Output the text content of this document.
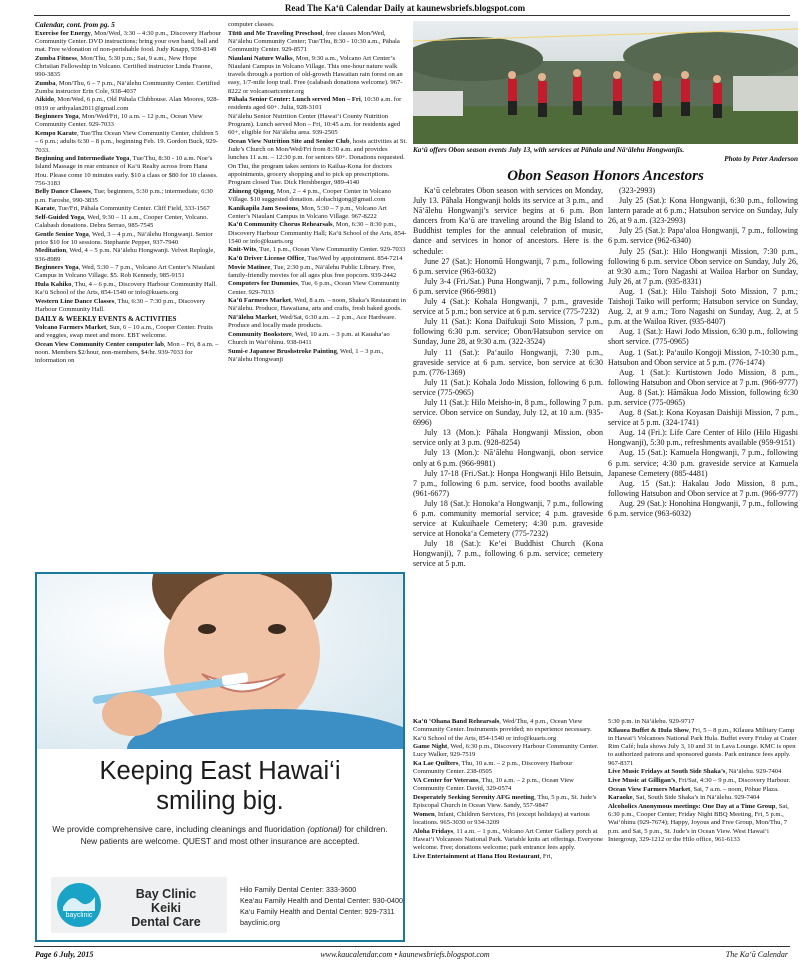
Read The Ka‘ū Calendar Daily at kaunewsbriefs.blogspot.com

Calendar, cont. from pg. 5

Exercise for Energy, Mon/Wed, 3:30 – 4:30 p.m., Discovery Harbour Community Center. DVD instructions; bring your own band, ball and mat. Free w/donation of non-perishable food. Judy Knapp, 939-8149

Zumba Fitness, Mon/Thu, 5:30 p.m.; Sat, 9 a.m., New Hope Christian Fellowship in Volcano. Certified instructor Linda Fraone, 990-3835

Zumba, Mon/Thu, 6 – 7 p.m., Nā‘ālehu Community Center. Certified Zumba instructor Erin Cole, 938-4037

Aikido, Mon/Wed, 6 p.m., Old Pāhala Clubhouse. Alan Moores, 928-0919 or artbyalan2011@gmail.com

Beginners Yoga, Mon/Wed/Fri, 10 a.m. – 12 p.m., Ocean View Community Center. 929-7033

Kempo Karate, Tue/Thu Ocean View Community Center, children 5 – 6 p.m.; adults 6:30 – 8 p.m., beginning Feb. 19. Gordon Buck, 929-7033.

Beginning and Intermediate Yoga, Tue/Thu, 8:30 - 10 a.m. Noe’s Island Massage in rear entrance of Ka‘ū Realty across from Hana Hou. Please come 10 minutes early. $10 a class or $80 for 10 classes. 756-3183

Belly Dance Classes, Tue; beginners, 5:30 p.m.; intermediate, 6:30 p.m. Faroshe, 990-3835

Karate, Tue/Fri, Pāhala Community Center. Cliff Field, 333-1567

Self-Guided Yoga, Wed, 9:30 – 11 a.m., Cooper Center, Volcano. Calabash donations. Debra Serrao, 985-7545

Gentle Senior Yoga, Wed, 3 – 4 p.m., Nā‘ālehu Hongwanji. Senior price $10 for 10 sessions. Stephanie Pepper, 937-7940

Meditation, Wed, 4 – 5 p.m. Nā‘ālehu Hongwanji. Velvet Replogle, 936-8989

Beginners Yoga, Wed, 5:30 – 7 p.m., Volcano Art Center’s Niaulani Campus in Volcano Village. $5. Rob Kennedy, 985-9151

Hula Kahiko, Thu, 4 – 6 p.m., Discovery Harbour Community Hall. Ka‘ū School of the Arts, 854-1540 or info@kuarts.org

Western Line Dance Classes, Thu, 6:30 – 7:30 p.m., Discovery Harbour Community Hall.

DAILY & WEEKLY EVENTS & ACTIVITIES

Volcano Farmers Market, Sun, 6 – 10 a.m., Cooper Center. Fruits and veggies, swap meet and more. EBT welcome.

Ocean View Community Center computer lab, Mon – Fri, 8 a.m. – noon. Members $2/hour, non-members, $4/hr. 939-7033 for information on

computer classes.

Tūtū and Me Traveling Preschool, free classes Mon/Wed, Nā‘ālehu Community Center; Tue/Thu, 8:30 - 10:30 a.m., Pāhala Community Center. 929-8571

Niaulani Nature Walks, Mon, 9:30 a.m., Volcano Art Center’s Niaulani Campus in Volcano Village. This one-hour nature walk travels through a portion of old-growth Hawaiian rain forest on an easy, 1/7-mile loop trail. Free (calabash donations welcome). 967-8222 or volcanoartcenter.org

Pāhala Senior Center: Lunch served Mon – Fri, 10:30 a.m. for residents aged 60+. Julia, 928-3101

Nā‘ālehu Senior Nutrition Center (Hawai‘i County Nutrition Program). Lunch served Mon – Fri, 10:45 a.m. for residents aged 60+, eligible for Nā‘ālehu area. 939-2505

Ocean View Nutrition Site and Senior Club, hosts activities at St. Jude’s Church on Mon/Wed/Fri from 8:30 a.m. and provides lunches 11 a.m. – 12:30 p.m. for seniors 60+. Donations requested. On Thu, the program takes seniors to Kailua-Kona for doctors appointments, grocery shopping and to pick up prescriptions. Program closed Tue. Dick Hershberger, 989-4140

Zhineng Qigong, Mon, 2 – 4 p.m., Cooper Center in Volcano Village. $10 suggested donation. alohachigong@gmail.com

Kanikapila Jam Sessions, Mon, 5:30 – 7 p.m., Volcano Art Center’s Niaulani Campus in Volcano Village. 967-8222

Ka‘ū Community Chorus Rehearsals, Mon, 6:30 – 8:30 p.m., Discovery Harbour Community Hall; Ka‘ū School of the Arts, 854-1540 or info@kuarts.org

Knit-Wits, Tue, 1 p.m., Ocean View Community Center. 929-7033

Ka‘ū Driver License Office, Tue/Wed by appointment. 854-7214

Movie Matinee, Tue, 2:30 p.m., Nā‘ālehu Public Library. Free, family-friendly movies for all ages plus free popcorn. 939-2442

Computers for Dummies, Tue, 6 p.m., Ocean View Community Center. 929-7033

Ka‘ū Farmers Market, Wed, 8 a.m. – noon, Shaka’s Restaurant in Nā‘ālehu. Produce, Hawaiiana, arts and crafts, fresh baked goods.

Nā‘ālehu Market, Wed/Sat, 6:30 a.m. – 2 p.m., Ace Hardware. Produce and locally made products.

Community Bookstore, Wed, 10 a.m. – 3 p.m. at Kauaha‘ao Church in Wai‘ōhinu. 938-0411

Sumi-e Japanese Brushstroke Painting, Wed, 1 – 3 p.m., Nā‘ālehu Hongwanji

Ka‘ū offers Obon season events July 13, with services at Pāhala and Nā‘ālehu Hongwanjis.
Photo by Peter Anderson
Obon Season Honors Ancestors

Ka‘ū celebrates Obon season with services on Monday, July 13. Pāhala Hongwanji holds its service at 3 p.m., and Nā‘ālehu Hongwanji’s service begins at 6 p.m. Bon dancers from Ka‘ū are traveling around the Big Island to Buddhist temples for the annual celebration of music, dance and services in honor of ancestors. Here is the schedule:

June 27 (Sat.): Honomū Hongwanji, 7 p.m., following 6 p.m. service (963-6032)

July 3-4 (Fri./Sat.) Puna Hongwanji, 7 p.m., following 6 p.m. service (966-9981)

July 4 (Sat.): Kohala Hongwanji, 7 p.m., graveside service at 5 p.m.; bon service at 6 p.m. service (775-7232)

July 11 (Sat.): Kona Daifukuji Soto Mission, 7 p.m., following 6:30 p.m. service; Obon/Hatsubon service on Sunday, June 28, at 9:30 a.m. (322-3524)

July 11 (Sat.): Pa‘auilo Hongwanji, 7:30 p.m., graveside service at 6 p.m. service, bon service at 6:30 p.m. (776-1369)

July 11 (Sat.): Kohala Jodo Mission, following 6 p.m. service (775-0965)

July 11 (Sat.): Hilo Meisho-in, 8 p.m., following 7 p.m. service. Obon service on Sunday, July 12, at 10 a.m. (935-6996)

July 13 (Mon.): Pāhala Hongwanji Mission, obon service only at 3 p.m. (928-8254)

July 13 (Mon.): Nā‘ālehu Hongwanji, obon service only at 6 p.m. (966-9981)

July 17-18 (Fri./Sat.): Honpa Hongwanji Hilo Betsuin, 7 p.m., following 6 p.m. service, food booths available (961-6677)

July 18 (Sat.): Honoka‘a Hongwanji, 7 p.m., following 6 p.m. community memorial service; 4 p.m. graveside service at Kukuihaele Cemetery; 4:30 p.m. graveside service at Honoka‘a Cemetery (775-7232)

July 18 (Sat.): Ke‘ei Buddhist Church (Kona Hongwanji), 7 p.m., following 6 p.m. service; cemetery service at 5 p.m.

(323-2993)

July 25 (Sat.): Kona Hongwanji, 6:30 p.m., following lantern parade at 6 p.m.; Hatsubon service on Sunday, July 26, at 9 a.m. (323-2993)

July 25 (Sat.): Papa‘aloa Hongwanji, 7 p.m., following 6 p.m. service (962-6340)

July 25 (Sat.): Hilo Hongwanji Mission, 7:30 p.m., following 6 p.m. service Obon service on Sunday, July 26, at 9:30 a.m.; Toro Nagashi at Wailoa Harbor on Sunday, July 26, at 7 p.m. (935-8331)

Aug. 1 (Sat.): Hilo Taishoji Soto Mission, 7 p.m.; Taishoji Taiko will perform; Hatsubon service on Sunday, Aug. 2, at 9 a.m.; Toro Nagashi on Sunday, Aug. 2, at 5 p.m. at the Wailoa River. (935-8407)

Aug. 1 (Sat.): Hawi Jodo Mission, 6:30 p.m., following short service. (775-0965)

Aug. 1 (Sat.): Pa‘auilo Kongoji Mission, 7-10:30 p.m., Hatsubon and Obon service at 5 p.m. (776-1474)

Aug. 1 (Sat.): Kurtistown Jodo Mission, 8 p.m., following Hatsubon and Obon service at 7 p.m. (966-9777)

Aug. 8 (Sat.): Hāmākua Jodo Mission, following 6:30 p.m. service (775-0965)

Aug. 8 (Sat.): Kona Koyasan Daishiji Mission, 7 p.m., service at 5 p.m. (324-1741)

Aug. 14 (Fri.): Life Care Center of Hilo (Hilo Higashi Hongwanji), 5:30 p.m., refreshments available (959-9151)

Aug. 15 (Sat.): Kamuela Hongwanji, 7 p.m., following 6 p.m. service; 4:30 p.m. graveside service at Kamuela Japanese Cemetery (885-4481)

Aug. 15 (Sat.): Hakalau Jodo Mission, 8 p.m., following Hatsubon and Obon service at 7 p.m. (966-9777)

Aug. 29 (Sat.): Honohina Hongwanji, 7 p.m., following 6 p.m. service (963-6032)

Ka‘ū ‘Ohana Band Rehearsals, Wed/Thu, 4 p.m., Ocean View Community Center. Instruments provided; no experience necessary. Ka‘ū School of the Arts, 854-1540 or info@kuarts.org

Game Night, Wed, 6:30 p.m., Discovery Harbour Community Center. Lucy Walker, 929-7519

Ka Lae Quilters, Thu, 10 a.m. – 2 p.m., Discovery Harbour Community Center. 238-0505

VA Center for Veterans, Thu, 10 a.m. – 2 p.m., Ocean View Community Center. David, 329-0574

Desperately Seeking Serenity AFG meeting, Thu, 5 p.m., St. Jude’s Episcopal Church in Ocean View. Sandy, 557-9847

Women, Infant, Children Services, Fri (except holidays) at various locations. 965-3030 or 934-3209

Aloha Fridays, 11 a.m. – 1 p.m., Volcano Art Center Gallery porch at Hawai‘i Volcanoes National Park. Variable knits art offerings. Everyone welcome. Free; donations welcome; park entrance fees apply.

Live Entertainment at Hana Hou Restaurant, Fri,

5:30 p.m. in Nā‘ālehu. 929-9717

Kīlauea Buffet & Hula Show, Fri, 5 – 8 p.m., Kīlauea Military Camp in Hawai‘i Volcanoes National Park Hula. Buffet every Friday at Crater Rim Café; hula shows July 3, 10 and 31 in Lava Lounge. KMC is open to authorized patrons and sponsored guests. Park entrance fees apply. 967-8371

Live Music Fridays at South Side Shaka’s, Nā‘ālehu. 929-7404

Live Music at Gilligan’s, Fri/Sat, 4:30 – 9 p.m., Discovery Harbour.

Ocean View Farmers Market, Sat, 7 a.m. – noon, Pōhue Plaza.

Karaoke, Sat, South Side Shaka’s in Nā‘ālehu. 929-7404

Alcoholics Anonymous meetings: One Day at a Time Group, Sat, 6:30 p.m., Cooper Center; Friday Night BBQ Meeting, Fri, 5 p.m., Wai‘ōhinu (929-7674); Happy, Joyous and Free Group, Mon/Thu, 7 p.m. and Sat, 5 p.m., St. Jude’s in Ocean View. West Hawai‘i Intergroup, 329-1212 or the Hilo office, 961-6133

Keeping East Hawai‘i
smiling big.
We provide comprehensive care, including cleanings and fluoridation (optional) for children. New patients are welcome. QUEST and most other insurance are accepted.
bayclinic
Bay Clinic
Keiki
Dental Care
Hilo Family Dental Center: 333-3600
Kea‘au Family Health and Dental Center: 930-0400
Ka‘u Family Health and Dental Center: 929-7311
bayclinic.org
Page 6 July, 2015	www.kaucalendar.com • kaunewsbriefs.blogspot.com	The Ka‘ū Calendar
